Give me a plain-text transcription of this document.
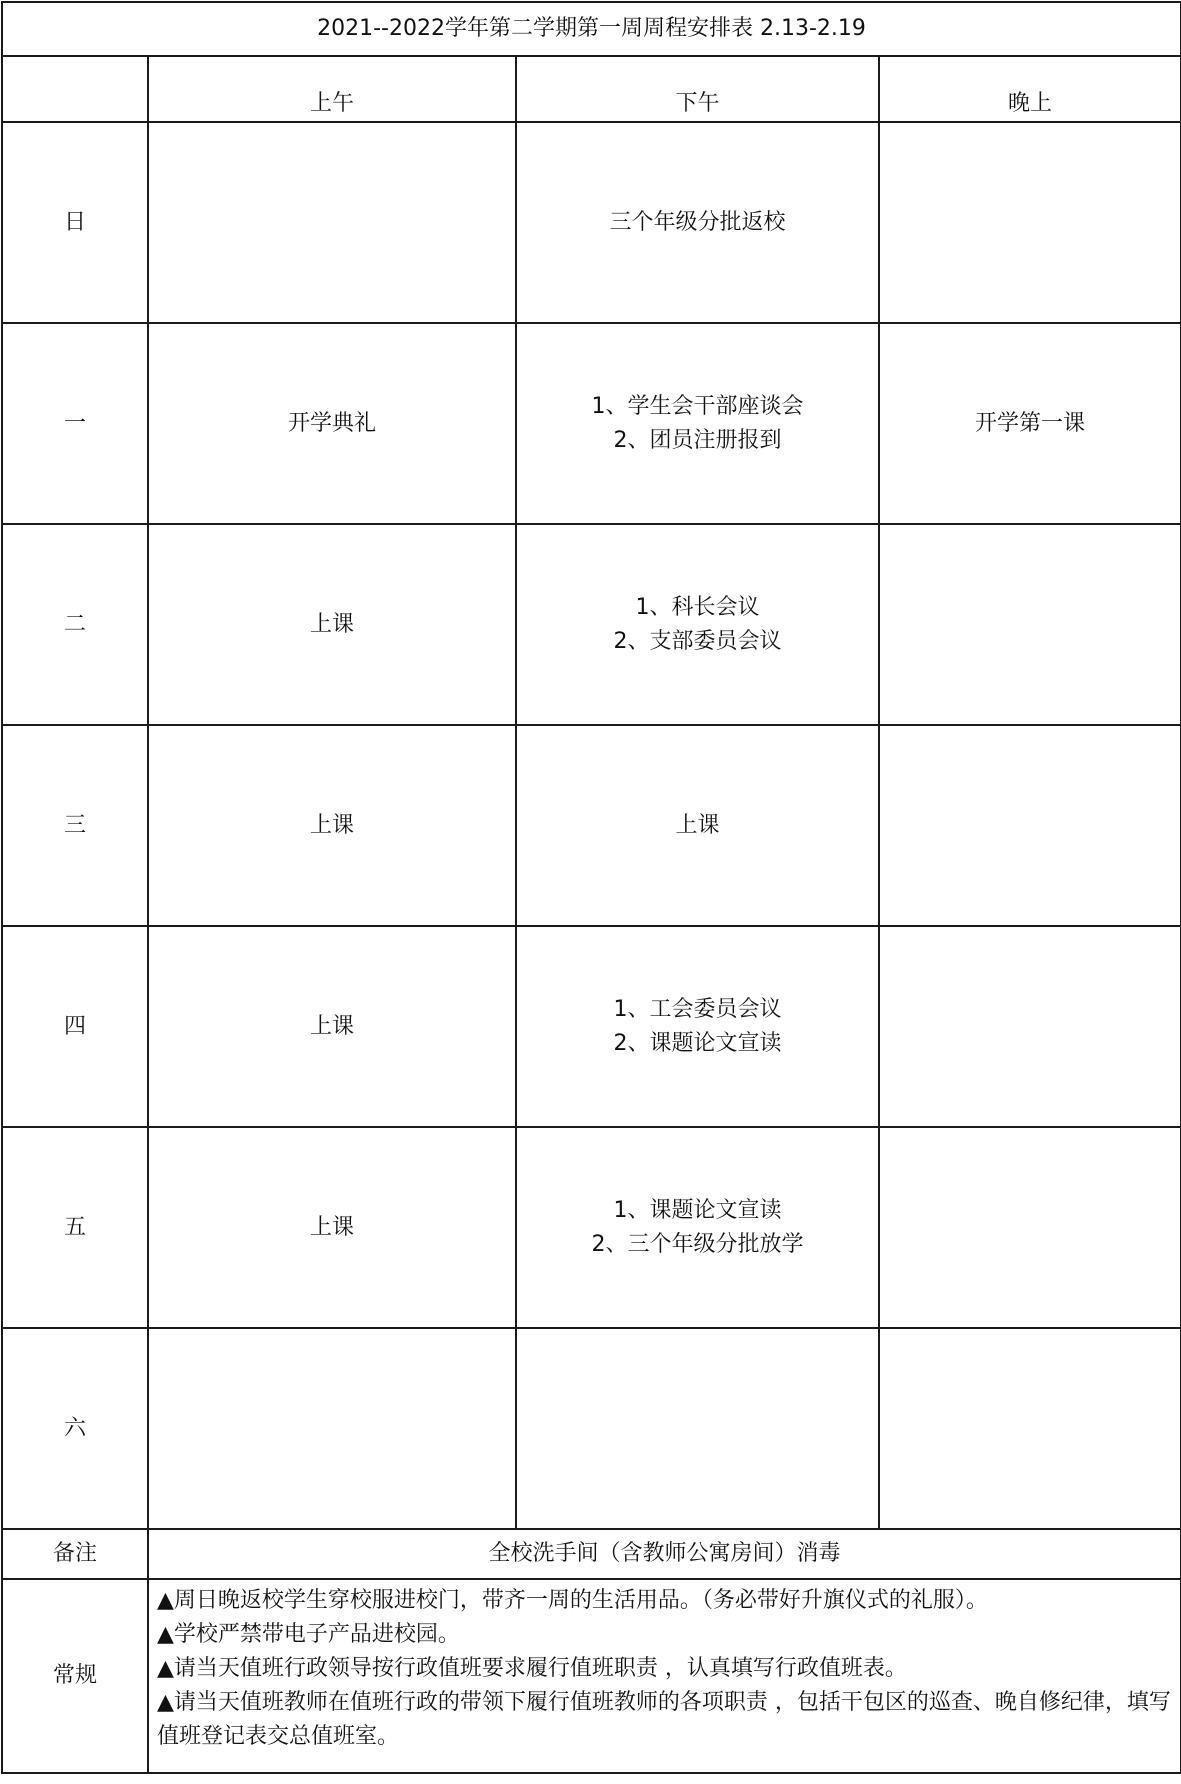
2021--2022学年第二学期第一周周程安排表 2.13-2.19			
	上午	下午	晚上
日		三个年级分批返校	

一	开学典礼	1、学生会干部座谈会
2、团员注册报到	开学第一课

二	上课	1、科长会议
2、支部委员会议	

三	上课	上课	

四	上课	1、工会委员会议
2、课题论文宣读	

五	上课	1、课题论文宣读
2、三个年级分批放学	

六			
备注	全校洗手间（含教师公寓房间）消毒		
常规	▲周日晚返校学生穿校服进校门，带齐一周的生活用品。（务必带好升旗仪式的礼服）。
▲学校严禁带电子产品进校园。
▲请当天值班行政领导按行政值班要求履行值班职责 ，认真填写行政值班表。
▲请当天值班教师在值班行政的带领下履行值班教师的各项职责 ，包括干包区的巡查、晚自修纪律，填写值班登记表交总值班室。		
